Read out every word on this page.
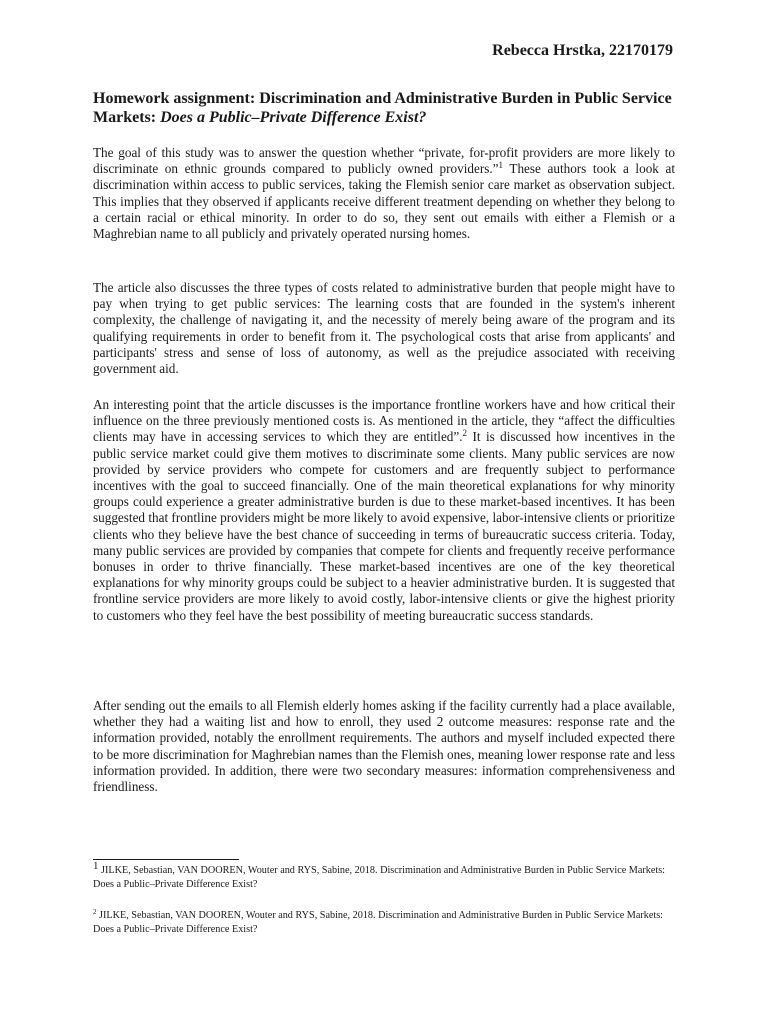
Rebecca Hrstka, 22170179
Homework assignment: Discrimination and Administrative Burden in Public Service Markets: Does a Public–Private Difference Exist?

The goal of this study was to answer the question whether “private, for-profit providers are more likely to discriminate on ethnic grounds compared to publicly owned providers.”$^1$ These authors took a look at discrimination within access to public services, taking the Flemish senior care market as observation subject. This implies that they observed if applicants receive different treatment depending on whether they belong to a certain racial or ethical minority. In order to do so, they sent out emails with either a Flemish or a Maghrebian name to all publicly and privately operated nursing homes.

The article also discusses the three types of costs related to administrative burden that people might have to pay when trying to get public services: The learning costs that are founded in the system's inherent complexity, the challenge of navigating it, and the necessity of merely being aware of the program and its qualifying requirements in order to benefit from it. The psychological costs that arise from applicants' and participants' stress and sense of loss of autonomy, as well as the prejudice associated with receiving government aid.

An interesting point that the article discusses is the importance frontline workers have and how critical their influence on the three previously mentioned costs is. As mentioned in the article, they “affect the difficulties clients may have in accessing services to which they are entitled”.$^2$ It is discussed how incentives in the public service market could give them motives to discriminate some clients. Many public services are now provided by service providers who compete for customers and are frequently subject to performance incentives with the goal to succeed financially. One of the main theoretical explanations for why minority groups could experience a greater administrative burden is due to these market-based incentives. It has been suggested that frontline providers might be more likely to avoid expensive, labor-intensive clients or prioritize clients who they believe have the best chance of succeeding in terms of bureaucratic success criteria. Today, many public services are provided by companies that compete for clients and frequently receive performance bonuses in order to thrive financially. These market-based incentives are one of the key theoretical explanations for why minority groups could be subject to a heavier administrative burden. It is suggested that frontline service providers are more likely to avoid costly, labor-intensive clients or give the highest priority to customers who they feel have the best possibility of meeting bureaucratic success standards.

After sending out the emails to all Flemish elderly homes asking if the facility currently had a place available, whether they had a waiting list and how to enroll, they used 2 outcome measures: response rate and the information provided, notably the enrollment requirements. The authors and myself included expected there to be more discrimination for Maghrebian names than the Flemish ones, meaning lower response rate and less information provided. In addition, there were two secondary measures: information comprehensiveness and friendliness.

1 JILKE, Sebastian, VAN DOOREN, Wouter and RYS, Sabine, 2018. Discrimination and Administrative Burden in Public Service Markets: Does a Public–Private Difference Exist?

$^2$ JILKE, Sebastian, VAN DOOREN, Wouter and RYS, Sabine, 2018. Discrimination and Administrative Burden in Public Service Markets: Does a Public–Private Difference Exist?
